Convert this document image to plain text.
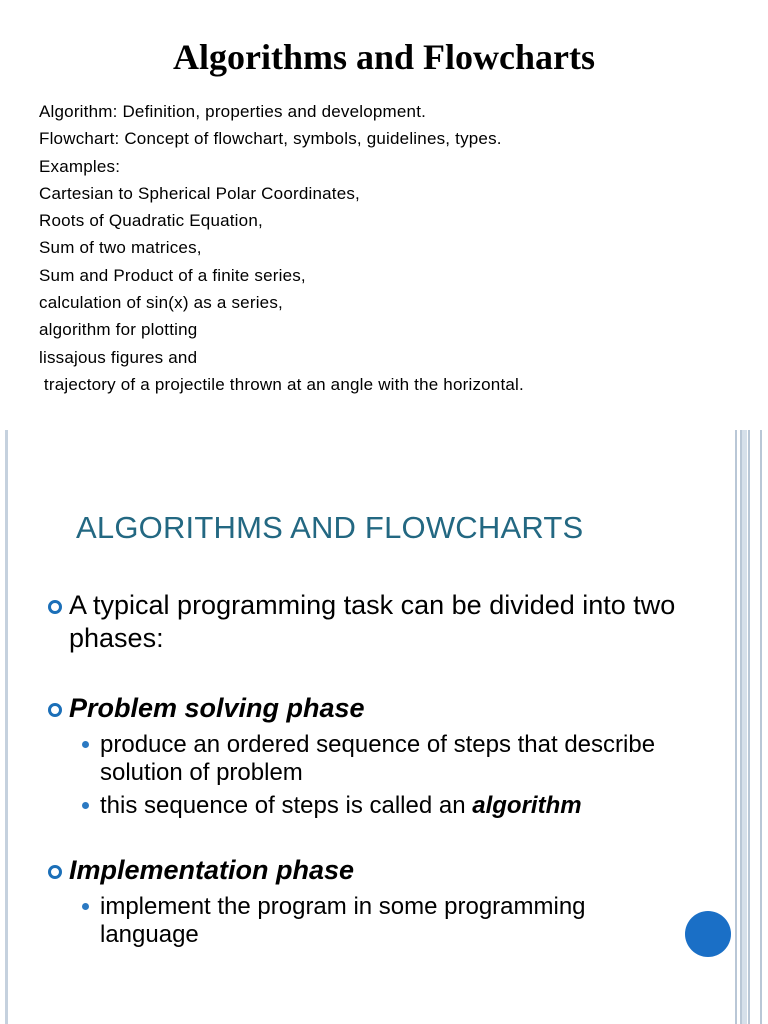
Algorithms and Flowcharts
Algorithm: Definition, properties and development.
Flowchart: Concept of flowchart, symbols, guidelines, types.
Examples:
Cartesian to Spherical Polar Coordinates,
Roots of Quadratic Equation,
Sum of two matrices,
Sum and Product of a finite series,
calculation of sin(x) as a series,
algorithm for plotting
lissajous figures and
trajectory of a projectile thrown at an angle with the horizontal.
ALGORITHMS AND FLOWCHARTS
A typical programming task can be divided into two phases:
Problem solving phase
produce an ordered sequence of steps that describe solution of problem
this sequence of steps is called an algorithm
Implementation phase
implement the program in some programming language
